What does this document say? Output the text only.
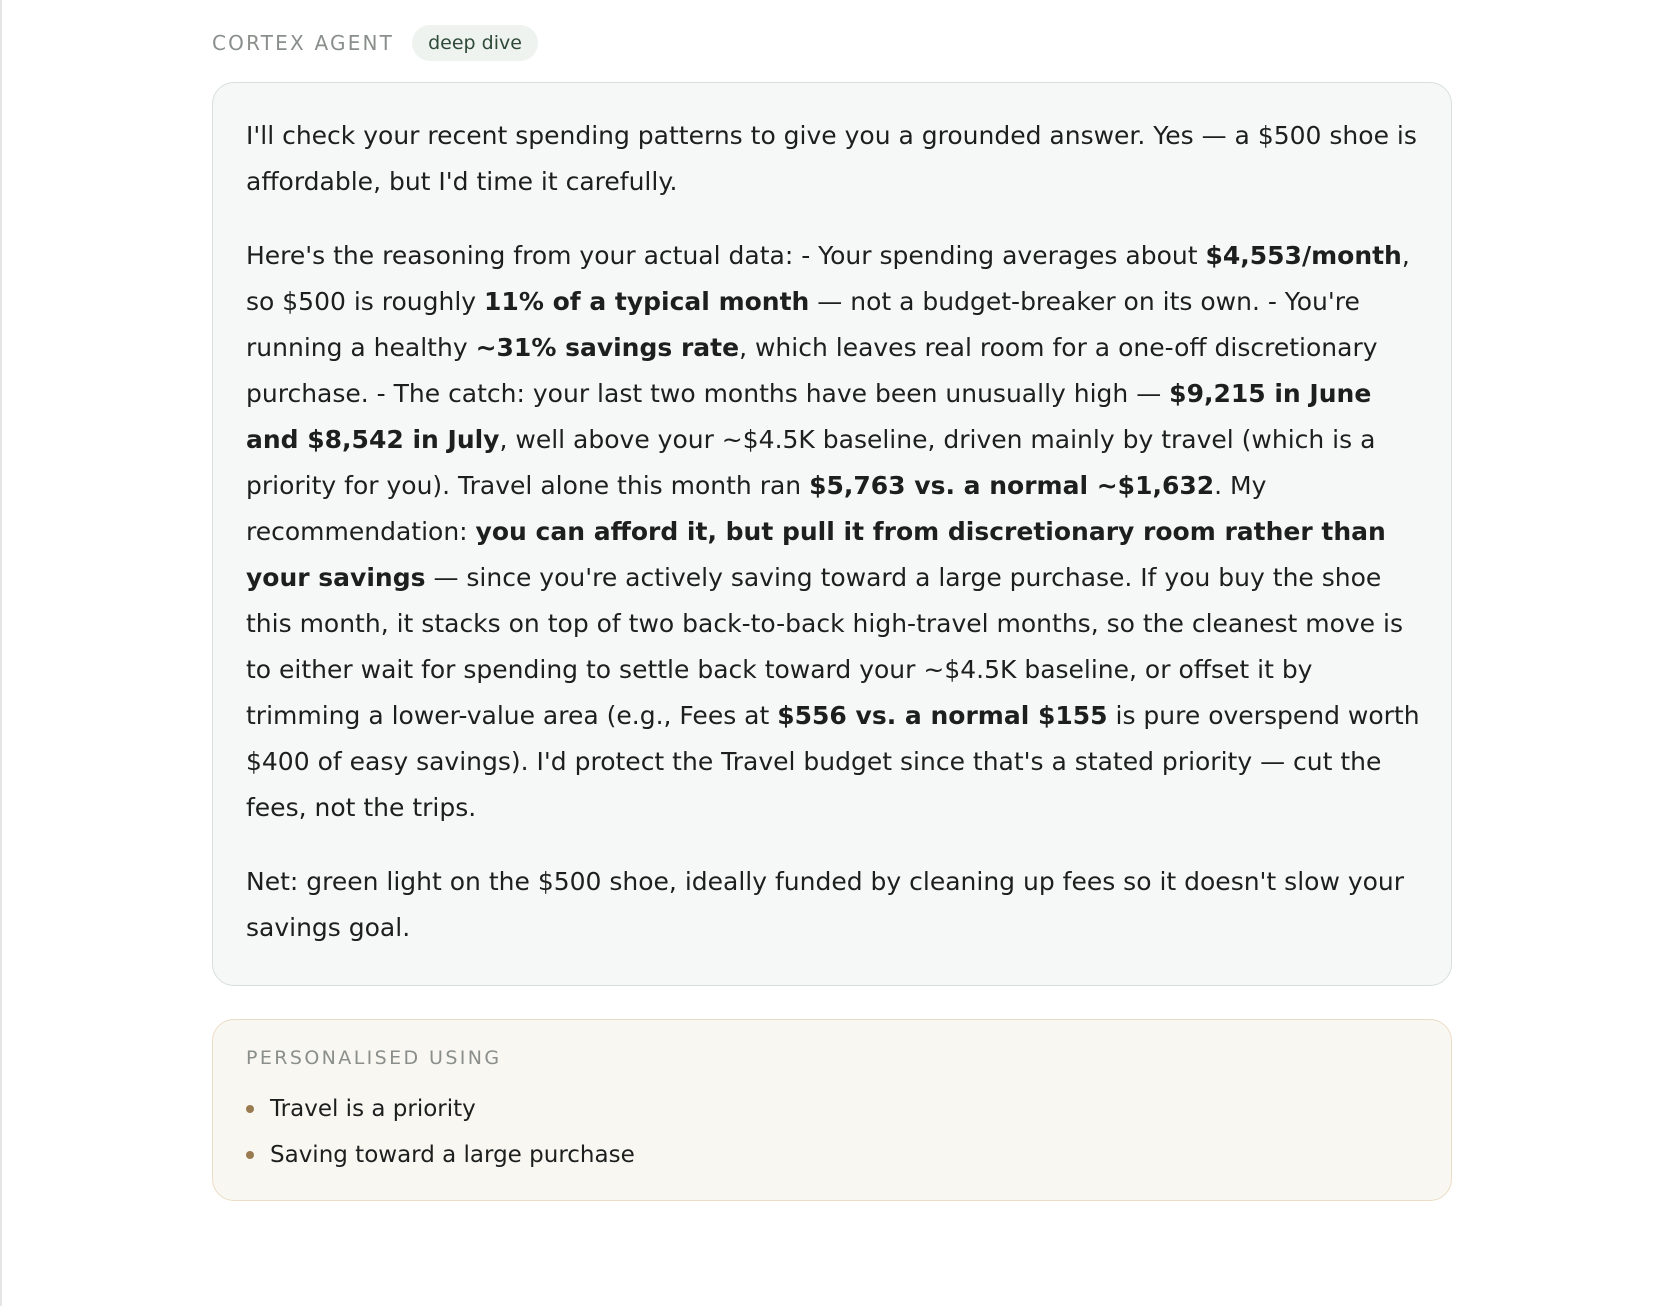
CORTEX AGENT	deep dive

I'll check your recent spending patterns to give you a grounded answer. Yes — a $500 shoe is affordable, but I'd time it carefully.

Here's the reasoning from your actual data: - Your spending averages about $4,553/month, so $500 is roughly 11% of a typical month — not a budget-breaker on its own. - You're running a healthy ~31% savings rate, which leaves real room for a one-off discretionary purchase. - The catch: your last two months have been unusually high — $9,215 in June and $8,542 in July, well above your ~$4.5K baseline, driven mainly by travel (which is a priority for you). Travel alone this month ran $5,763 vs. a normal ~$1,632. My recommendation: you can afford it, but pull it from discretionary room rather than your savings — since you're actively saving toward a large purchase. If you buy the shoe this month, it stacks on top of two back-to-back high-travel months, so the cleanest move is to either wait for spending to settle back toward your ~$4.5K baseline, or offset it by trimming a lower-value area (e.g., Fees at $556 vs. a normal $155 is pure overspend worth $400 of easy savings). I'd protect the Travel budget since that's a stated priority — cut the fees, not the trips.

Net: green light on the $500 shoe, ideally funded by cleaning up fees so it doesn't slow your savings goal.

PERSONALISED USING
Travel is a priority
Saving toward a large purchase
